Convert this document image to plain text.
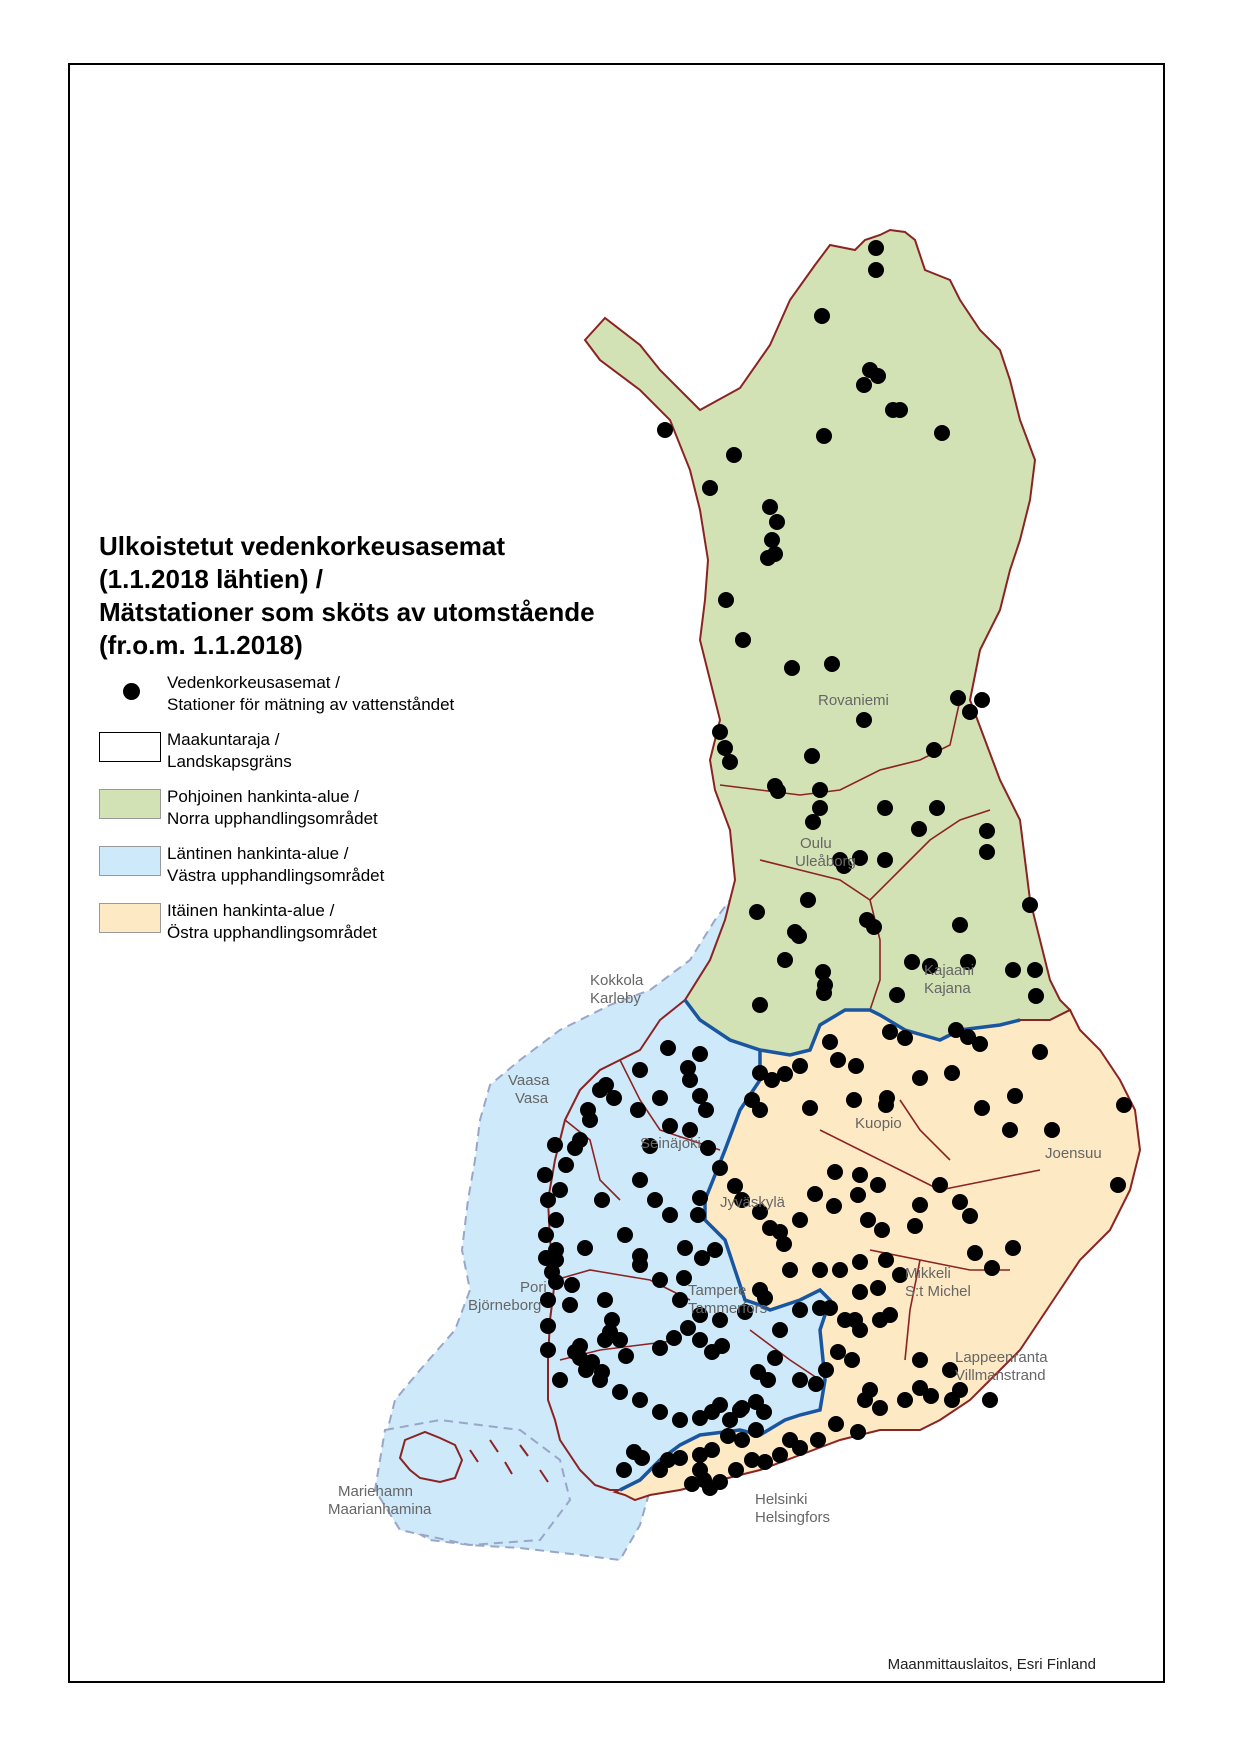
Rovaniemi
Oulu
Uleåborg
Kajaani
Kajana
Kokkola
Karleby
Vaasa
Vasa
Seinäjoki
Jyväskylä
Kuopio
Joensuu
Pori
Björneborg
Tampere
Tammerfors
Mikkeli
S:t Michel
Lappeenranta
Villmanstrand
Mariehamn
Maarianhamina
Helsinki
Helsingfors
Ulkoistetut vedenkorkeusasemat
(1.1.2018 lähtien) /
Mätstationer som sköts av utomstående
(fr.o.m. 1.1.2018)
Vedenkorkeusasemat /
Stationer för mätning av vattenståndet
Maakuntaraja /
Landskapsgräns
Pohjoinen hankinta-alue /
Norra upphandlingsområdet
Läntinen hankinta-alue /
Västra upphandlingsområdet
Itäinen hankinta-alue /
Östra upphandlingsområdet
Maanmittauslaitos, Esri Finland
